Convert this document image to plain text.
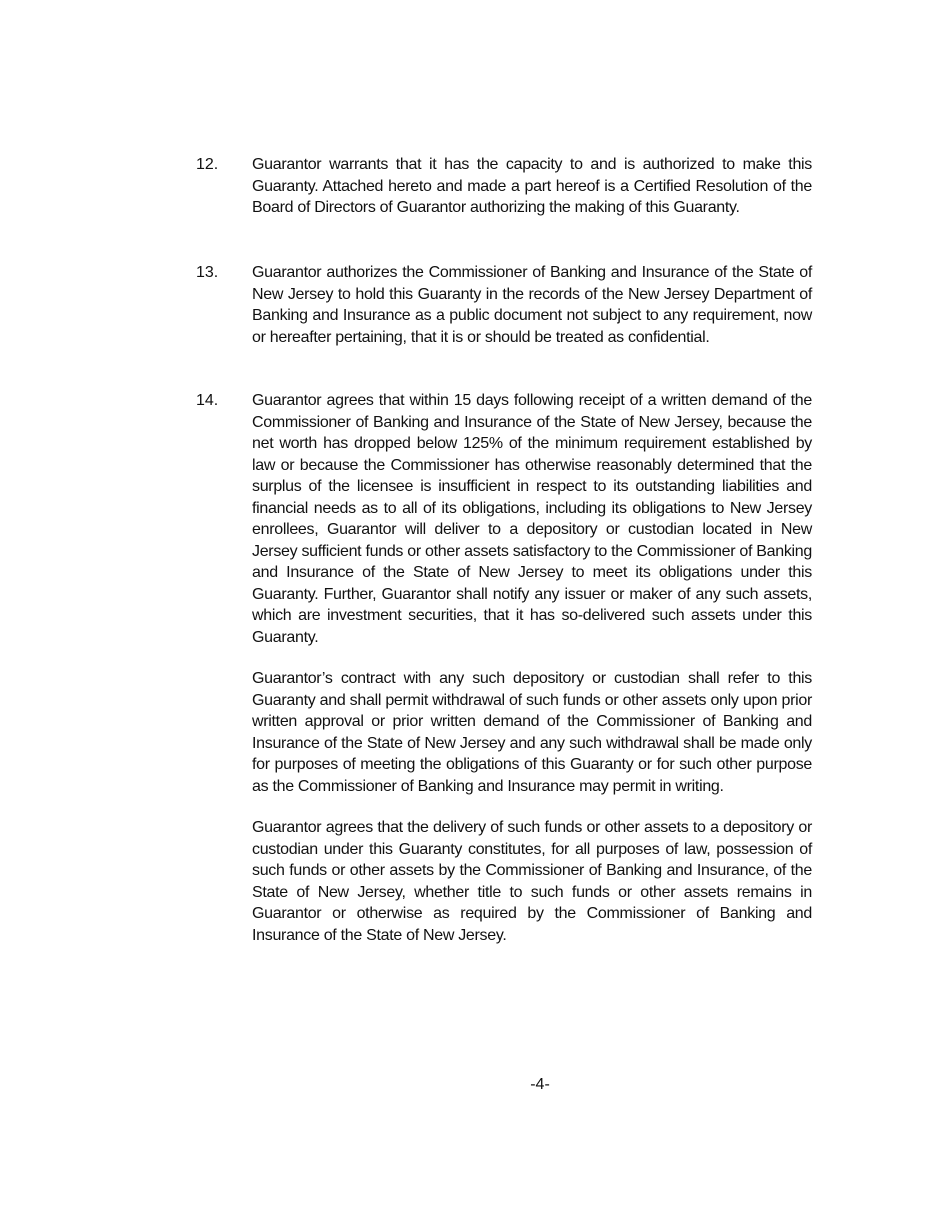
12. Guarantor warrants that it has the capacity to and is authorized to make this Guaranty. Attached hereto and made a part hereof is a Certified Resolution of the Board of Directors of Guarantor authorizing the making of this Guaranty.

13. Guarantor authorizes the Commissioner of Banking and Insurance of the State of New Jersey to hold this Guaranty in the records of the New Jersey Department of Banking and Insurance as a public document not subject to any requirement, now or hereafter pertaining, that it is or should be treated as confidential.

14. Guarantor agrees that within 15 days following receipt of a written demand of the Commissioner of Banking and Insurance of the State of New Jersey, because the net worth has dropped below 125% of the minimum requirement established by law or because the Commissioner has otherwise reasonably determined that the surplus of the licensee is insufficient in respect to its outstanding liabilities and financial needs as to all of its obligations, including its obligations to New Jersey enrollees, Guarantor will deliver to a depository or custodian located in New Jersey sufficient funds or other assets satisfactory to the Commissioner of Banking and Insurance of the State of New Jersey to meet its obligations under this Guaranty. Further, Guarantor shall notify any issuer or maker of any such assets, which are investment securities, that it has so-delivered such assets under this Guaranty.

Guarantor’s contract with any such depository or custodian shall refer to this Guaranty and shall permit withdrawal of such funds or other assets only upon prior written approval or prior written demand of the Commissioner of Banking and Insurance of the State of New Jersey and any such withdrawal shall be made only for purposes of meeting the obligations of this Guaranty or for such other purpose as the Commissioner of Banking and Insurance may permit in writing.

Guarantor agrees that the delivery of such funds or other assets to a depository or custodian under this Guaranty constitutes, for all purposes of law, possession of such funds or other assets by the Commissioner of Banking and Insurance, of the State of New Jersey, whether title to such funds or other assets remains in Guarantor or otherwise as required by the Commissioner of Banking and Insurance of the State of New Jersey.

-4-
